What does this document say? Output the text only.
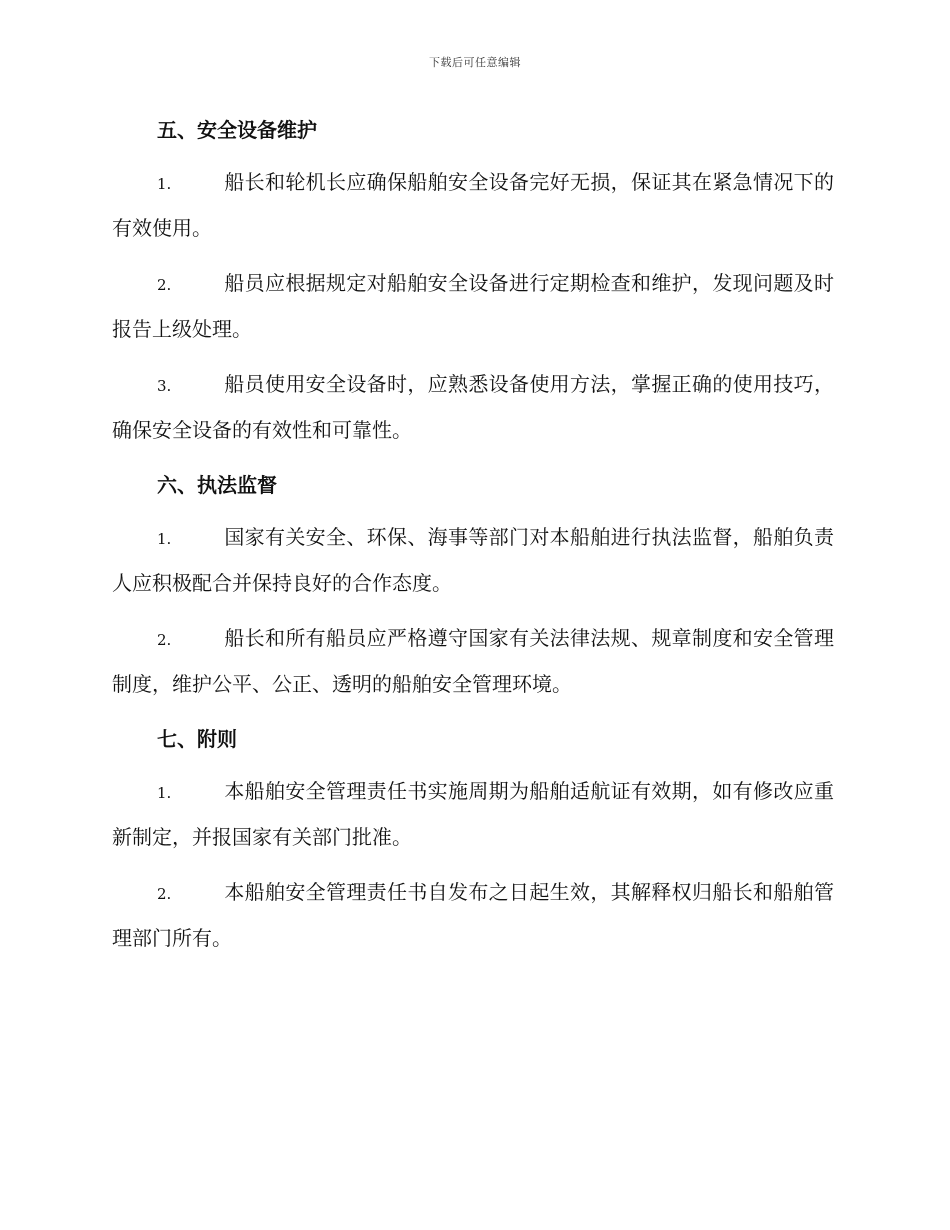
下载后可任意编辑
五、安全设备维护

1.	船长和轮机长应确保船舶安全设备完好无损，保证其在紧急情况下的有效使用。

2.	船员应根据规定对船舶安全设备进行定期检查和维护，发现问题及时报告上级处理。

3.	船员使用安全设备时，应熟悉设备使用方法，掌握正确的使用技巧，确保安全设备的有效性和可靠性。

六、执法监督

1.	国家有关安全、环保、海事等部门对本船舶进行执法监督，船舶负责人应积极配合并保持良好的合作态度。

2.	船长和所有船员应严格遵守国家有关法律法规、规章制度和安全管理制度，维护公平、公正、透明的船舶安全管理环境。

七、附则

1.	本船舶安全管理责任书实施周期为船舶适航证有效期，如有修改应重新制定，并报国家有关部门批准。

2.	本船舶安全管理责任书自发布之日起生效，其解释权归船长和船舶管理部门所有。
